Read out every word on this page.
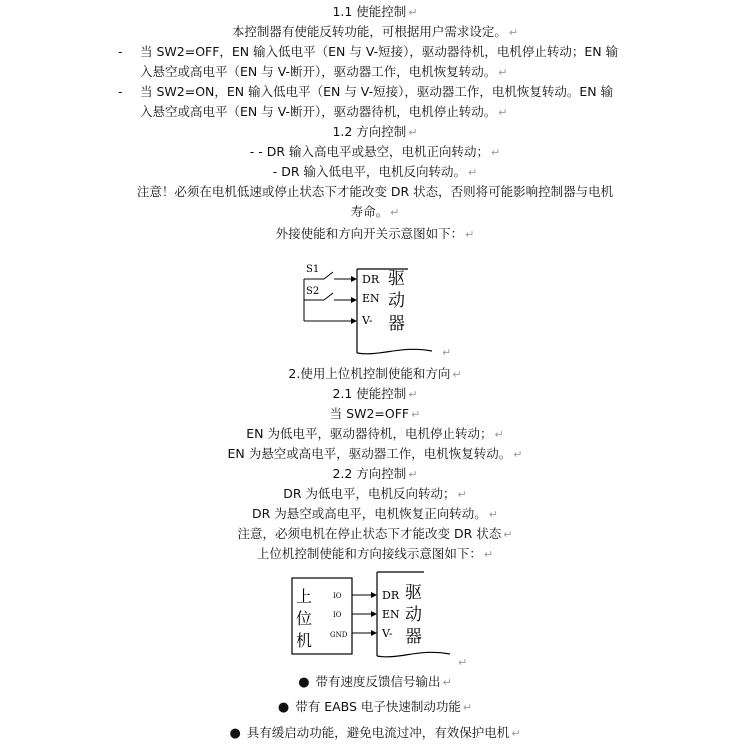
1.1 使能控制 ↵
本控制器有使能反转功能，可根据用户需求设定。 ↵
-	当 SW2=OFF，EN 输入低电平（EN 与 V-短接），驱动器待机，电机停止转动；EN 输
入悬空或高电平（EN 与 V-断开），驱动器工作，电机恢复转动。 ↵
-	当 SW2=ON，EN 输入低电平（EN 与 V-短接），驱动器工作，电机恢复转动。EN 输
入悬空或高电平（EN 与 V-断开），驱动器待机，电机停止转动。 ↵
1.2 方向控制 ↵
- - DR 输入高电平或悬空，电机正向转动； ↵
- DR 输入低电平，电机反向转动。 ↵
注意！必须在电机低速或停止状态下才能改变 DR 状态，否则将可能影响控制器与电机
寿命。 ↵
外接使能和方向开关示意图如下： ↵
S1
S2
DR
EN
V-
驱
动
器
↵
2.使用上位机控制使能和方向 ↵
2.1 使能控制 ↵
当 SW2=OFF ↵
EN 为低电平，驱动器待机，电机停止转动； ↵
EN 为悬空或高电平，驱动器工作，电机恢复转动。 ↵
2.2 方向控制 ↵
DR 为低电平，电机反向转动； ↵
DR 为悬空或高电平，电机恢复正向转动。 ↵
注意，必须电机在停止状态下才能改变 DR 状态 ↵
上位机控制使能和方向接线示意图如下： ↵
上
位
机
IO
IO
GND
DR
EN
V-
驱
动
器
↵
● 带有速度反馈信号输出 ↵
● 带有 EABS 电子快速制动功能 ↵
● 具有缓启动功能，避免电流过冲，有效保护电机 ↵
